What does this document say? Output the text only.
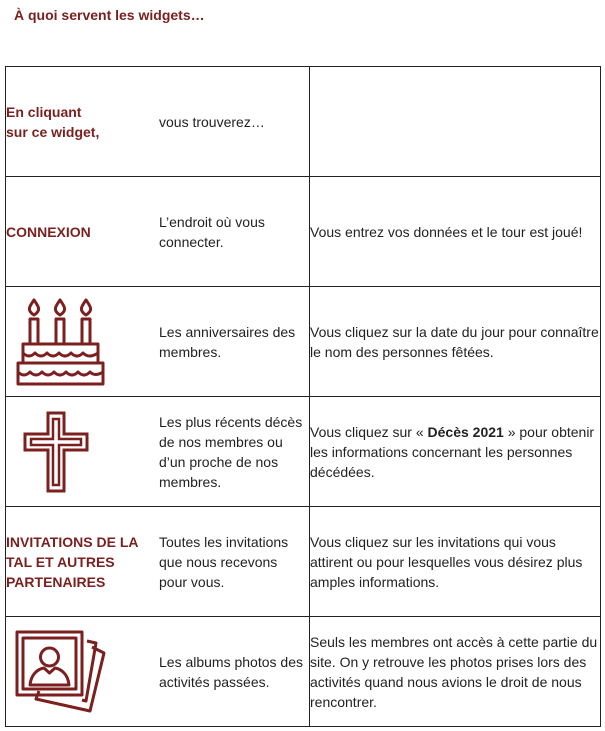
À quoi servent les widgets…
En cliquant sur ce widget,	vous trouverez…	
CONNEXION	L’endroit où vous connecter.	Vous entrez vos données et le tour est joué!

	Les anniversaires des membres.	Vous cliquez sur la date du jour pour connaître le nom des personnes fêtées.

	Les plus récents décès de nos membres ou d’un proche de nos membres.	Vous cliquez sur « Décès 2021 » pour obtenir les informations concernant les personnes décédées.
INVITATIONS DE LA TAL ET AUTRES PARTENAIRES	Toutes les invitations que nous recevons pour vous.	Vous cliquez sur les invitations qui vous attirent ou pour lesquelles vous désirez plus amples informations.

	Les albums photos des activités passées.	Seuls les membres ont accès à cette partie du site. On y retrouve les photos prises lors des activités quand nous avions le droit de nous rencontrer.
